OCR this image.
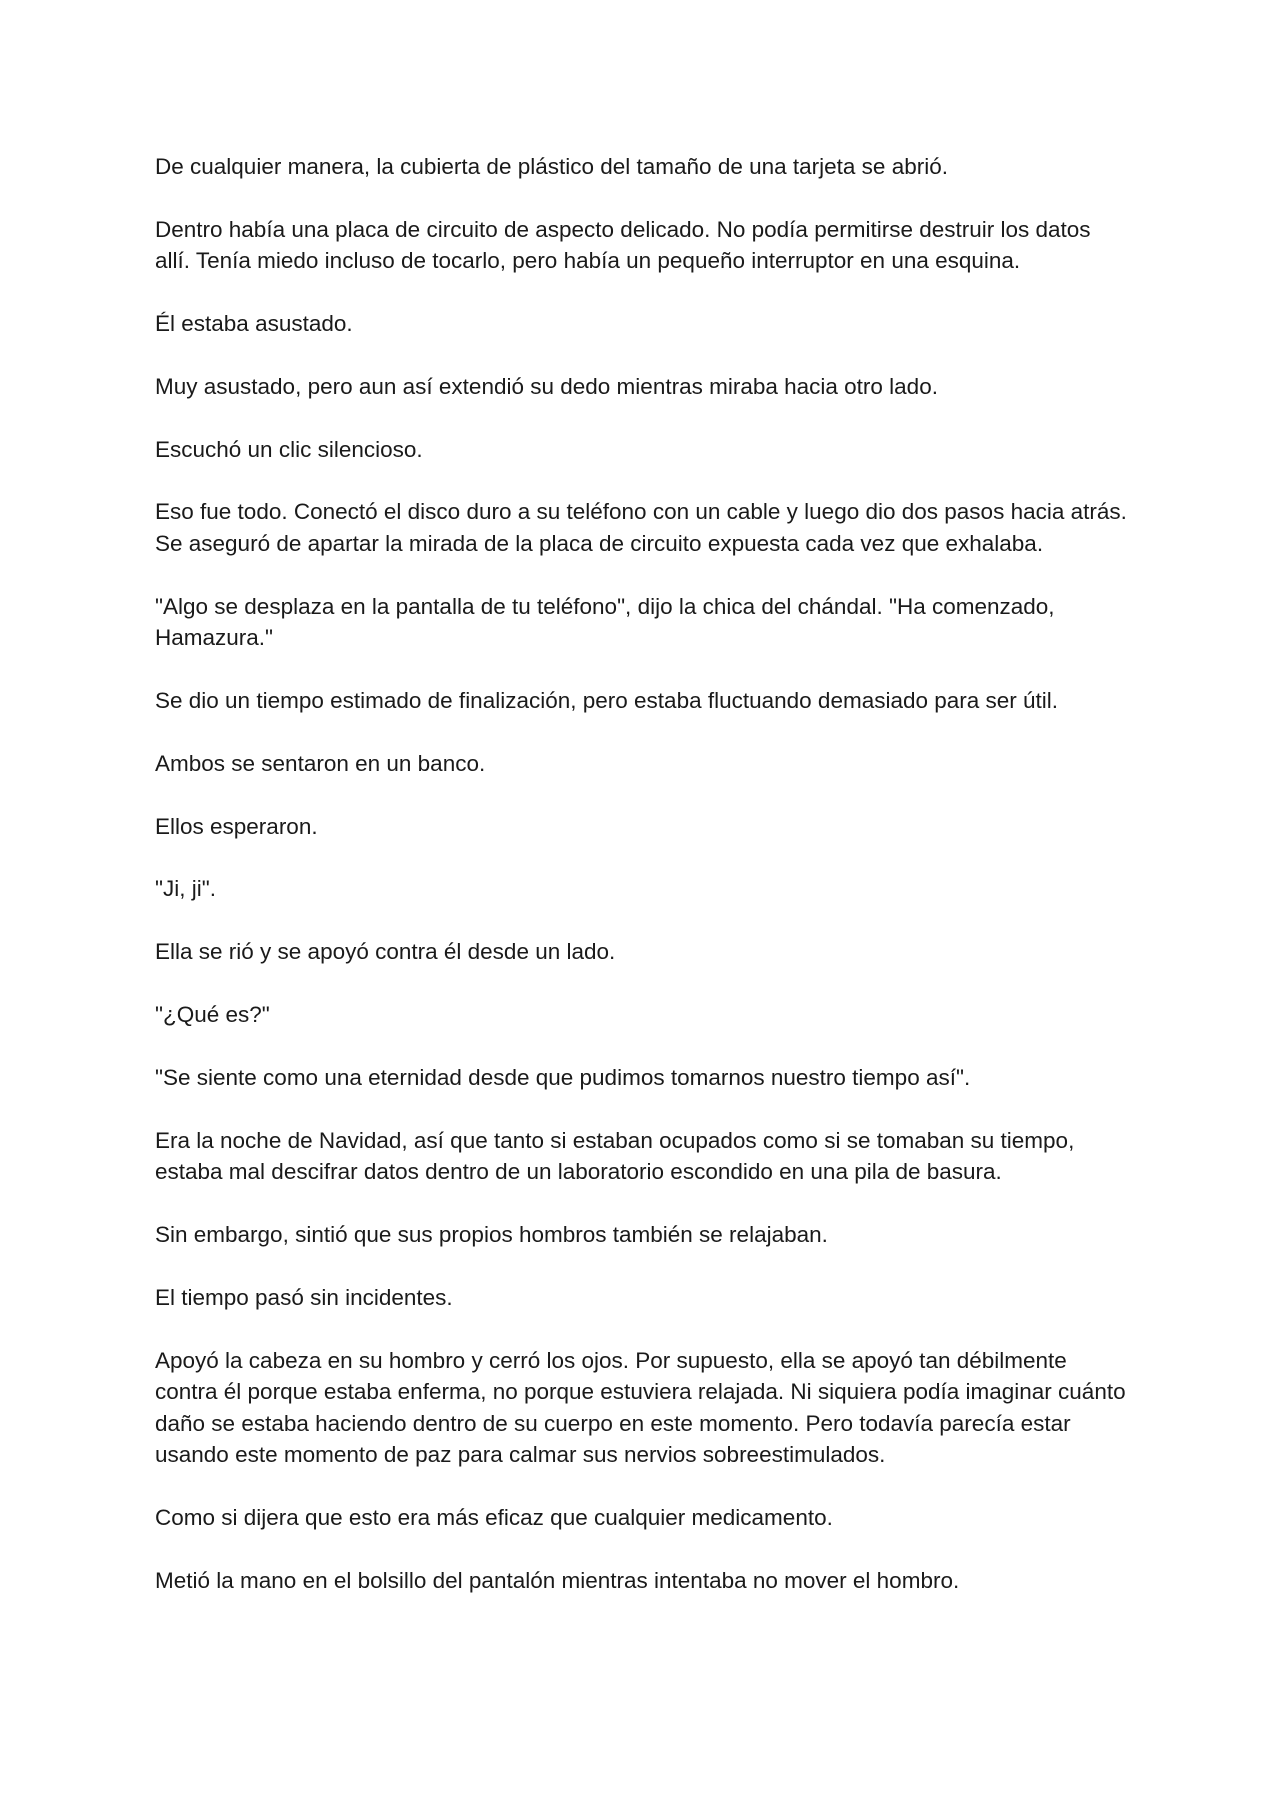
De cualquier manera, la cubierta de plástico del tamaño de una tarjeta se abrió.

Dentro había una placa de circuito de aspecto delicado. No podía permitirse destruir los datos allí. Tenía miedo incluso de tocarlo, pero había un pequeño interruptor en una esquina.

Él estaba asustado.

Muy asustado, pero aun así extendió su dedo mientras miraba hacia otro lado.

Escuchó un clic silencioso.

Eso fue todo. Conectó el disco duro a su teléfono con un cable y luego dio dos pasos hacia atrás. Se aseguró de apartar la mirada de la placa de circuito expuesta cada vez que exhalaba.

"Algo se desplaza en la pantalla de tu teléfono", dijo la chica del chándal. "Ha comenzado, Hamazura."

Se dio un tiempo estimado de finalización, pero estaba fluctuando demasiado para ser útil.

Ambos se sentaron en un banco.

Ellos esperaron.

"Ji, ji".

Ella se rió y se apoyó contra él desde un lado.

"¿Qué es?"

"Se siente como una eternidad desde que pudimos tomarnos nuestro tiempo así".

Era la noche de Navidad, así que tanto si estaban ocupados como si se tomaban su tiempo, estaba mal descifrar datos dentro de un laboratorio escondido en una pila de basura.

Sin embargo, sintió que sus propios hombros también se relajaban.

El tiempo pasó sin incidentes.

Apoyó la cabeza en su hombro y cerró los ojos. Por supuesto, ella se apoyó tan débilmente contra él porque estaba enferma, no porque estuviera relajada. Ni siquiera podía imaginar cuánto daño se estaba haciendo dentro de su cuerpo en este momento. Pero todavía parecía estar usando este momento de paz para calmar sus nervios sobreestimulados.

Como si dijera que esto era más eficaz que cualquier medicamento.

Metió la mano en el bolsillo del pantalón mientras intentaba no mover el hombro.
